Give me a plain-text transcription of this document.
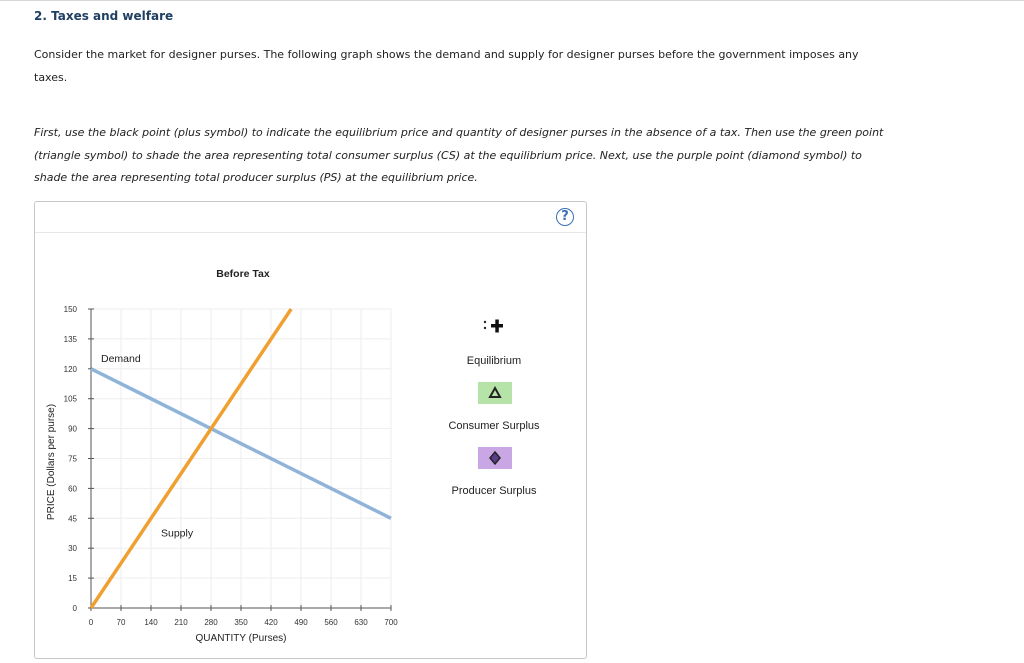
2. Taxes and welfare
Consider the market for designer purses. The following graph shows the demand and supply for designer purses before the government imposes any taxes.
First, use the black point (plus symbol) to indicate the equilibrium price and quantity of designer purses in the absence of a tax. Then use the green point (triangle symbol) to shade the area representing total consumer surplus (CS) at the equilibrium price. Next, use the purple point (diamond symbol) to shade the area representing total producer surplus (PS) at the equilibrium price.
?
0
15
30
45
60
75
90
105
120
135
150
0	70 140 210 280 350 420 490 560 630 700
Demand
Supply
Before Tax
QUANTITY (Purses)
PRICE (Dollars per purse)
Equilibrium
Consumer Surplus
Producer Surplus
